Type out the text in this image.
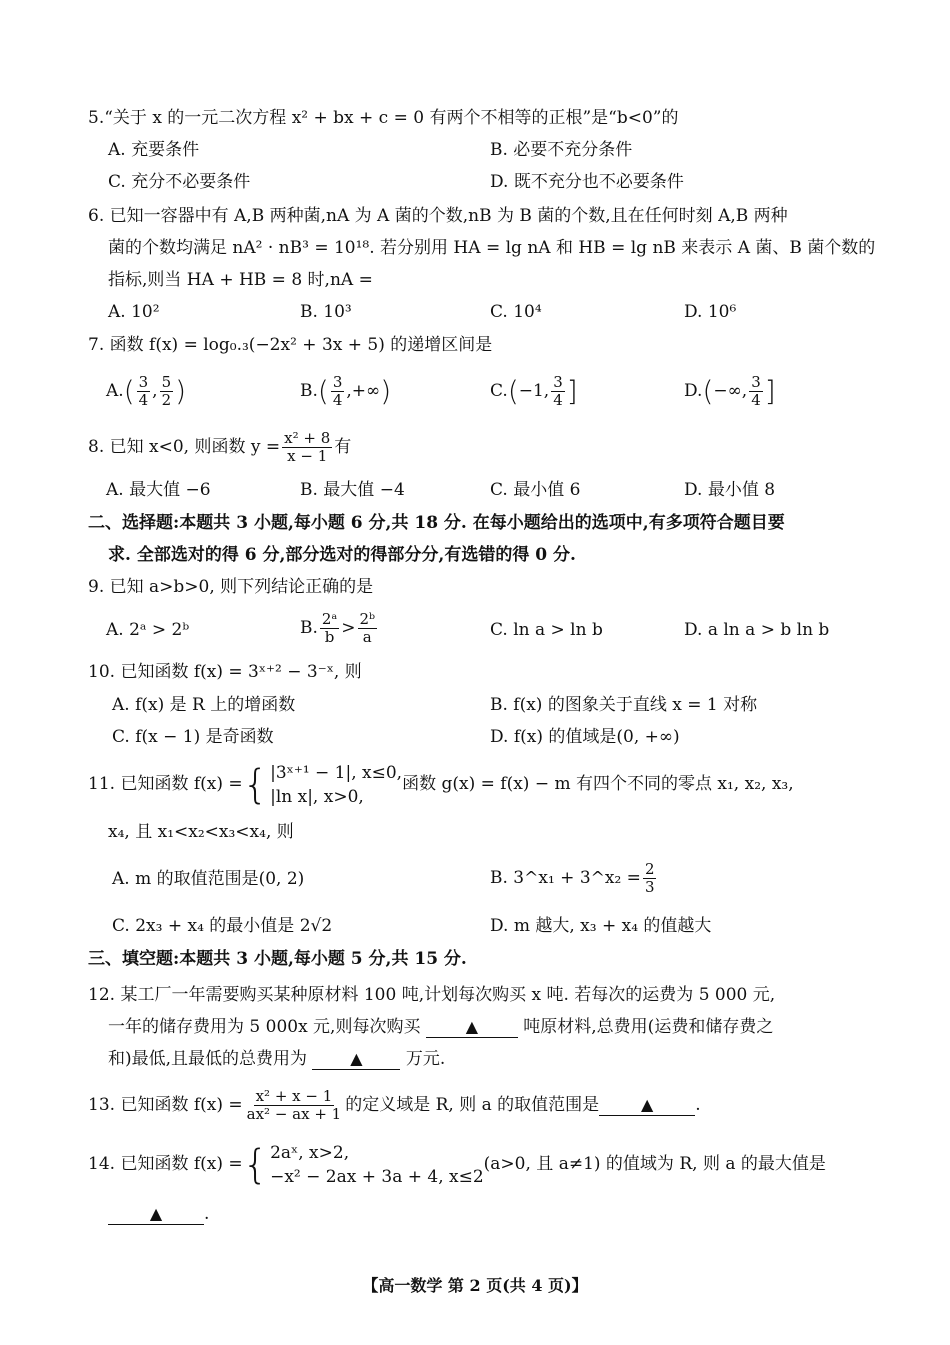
5.“关于 x 的一元二次方程 x² + bx + c = 0 有两个不相等的正根”是“b<0”的
A. 充要条件	B. 必要不充分条件
C. 充分不必要条件	D. 既不充分也不必要条件
6. 已知一容器中有 A,B 两种菌,nA 为 A 菌的个数,nB 为 B 菌的个数,且在任何时刻 A,B 两种
菌的个数均满足 nA² · nB³ = 10¹⁸. 若分别用 HA = lg nA 和 HB = lg nB 来表示 A 菌、B 菌个数的
指标,则当 HA + HB = 8 时,nA =
A. 10²	B. 10³	C. 10⁴	D. 10⁶
7. 函数 f(x) = log₀.₃(−2x² + 3x + 5) 的递增区间是
$A.( \frac{3}{4}$ , $\frac{5}{2}$ )	$B.( \frac{3}{4}$ ,+∞)	C.(−1, $\frac{3}{4}$ ]	D.(−∞, $\frac{3}{4}$ ]
8. 已知 x<0, 则函数 $y = \frac{\text{x² + 8}}{x - 1}$ 有
A. 最大值 −6	B. 最大值 −4	C. 最小值 6	D. 最小值 8
二、选择题:本题共 3 小题,每小题 6 分,共 18 分. 在每小题给出的选项中,有多项符合题目要
求. 全部选对的得 6 分,部分选对的得部分分,有选错的得 0 分.
9. 已知 a>b>0, 则下列结论正确的是
A. 2ᵃ > 2ᵇ	B. $\frac{\text{2ᵃ}}{b} > \frac{\text{2ᵇ}}{a}$	C. ln a > ln b	D. a ln a > b ln b
10. 已知函数 f(x) = 3ˣ⁺² − 3⁻ˣ, 则
A. f(x) 是 R 上的增函数	B. f(x) 的图象关于直线 x = 1 对称
C. f(x − 1) 是奇函数	D. f(x) 的值域是(0, +∞)
11. 已知函数 f(x) ={ |3ˣ⁺¹ − 1|, x≤0,
|ln x|, x>0,
函数 g(x) = f(x) − m 有四个不同的零点 x₁, x₂, x₃,
x₄, 且 x₁<x₂<x₃<x₄, 则
A. m 的取值范围是(0, 2)	B. 3^x₁ + 3^x₂ = $\frac{2}{3}$
C. 2x₃ + x₄ 的最小值是 2√2	D. m 越大, x₃ + x₄ 的值越大
三、填空题:本题共 3 小题,每小题 5 分,共 15 分.
12. 某工厂一年需要购买某种原材料 100 吨,计划每次购买 x 吨. 若每次的运费为 5 000 元,
一年的储存费用为 5 000x 元,则每次购买	▲	吨原材料,总费用(运费和储存费之
和)最低,且最低的总费用为	▲	万元.
13. 已知函数 $f(x) = \frac{\text{x² + x − 1}}{\text{ax² − ax + 1}}$ 的定义域是 R, 则 a 的取值范围是	▲ .
14. 已知函数 f(x) ={ 2aˣ, x>2,
−x² − 2ax + 3a + 4, x≤2
(a>0, 且 a≠1) 的值域为 R, 则 a 的最大值是
▲ .
【高一数学 第 2 页(共 4 页)】
